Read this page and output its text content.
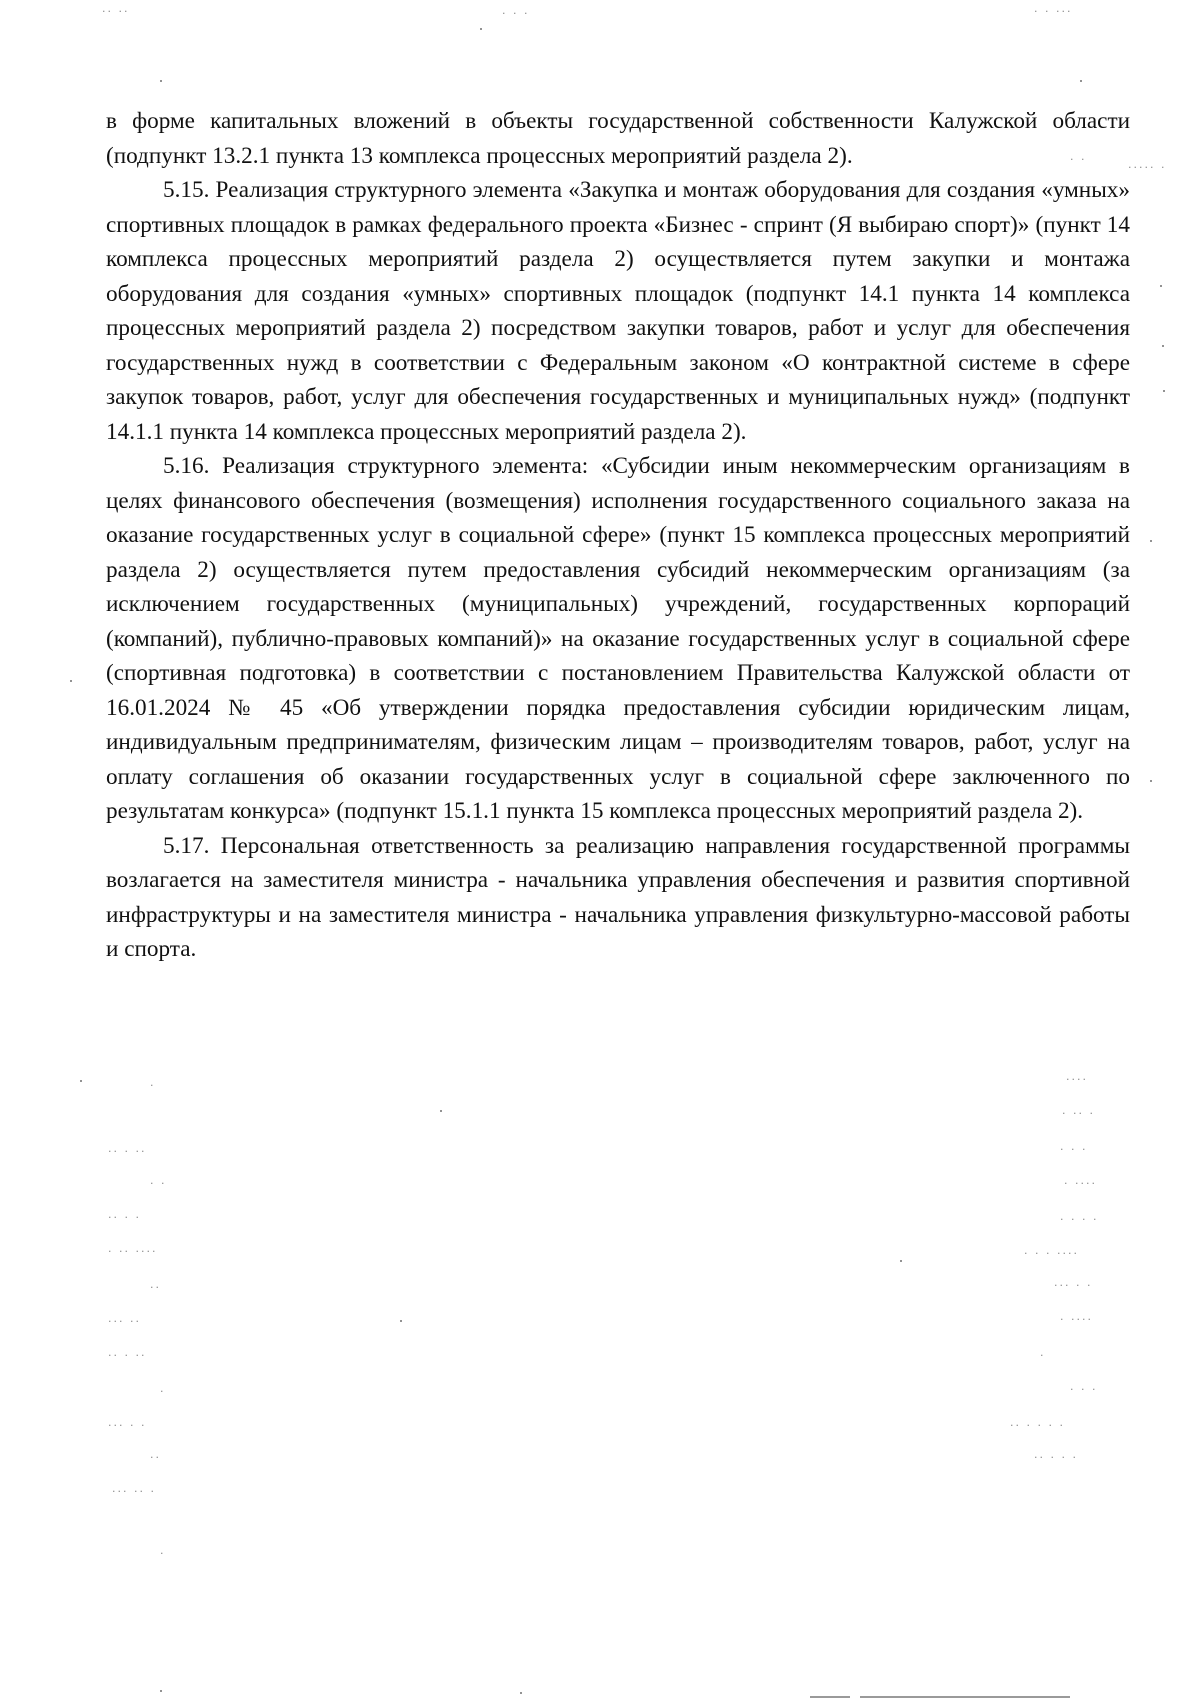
·· ··	· · ·	· · ···
· ·
····· ·

в форме капитальных вложений в объекты государственной собственности Калужской области (подпункт 13.2.1 пункта 13 комплекса процессных мероприятий раздела 2).

5.15. Реализация структурного элемента «Закупка и монтаж оборудования для создания «умных» спортивных площадок в рамках федерального проекта «Бизнес - спринт (Я выбираю спорт)» (пункт 14 комплекса процессных мероприятий раздела 2) осуществляется путем закупки и монтажа оборудования для создания «умных» спортивных площадок (подпункт 14.1 пункта 14 комплекса процессных мероприятий раздела 2) посредством закупки товаров, работ и услуг для обеспечения государственных нужд в соответствии с Федеральным законом «О контрактной системе в сфере закупок товаров, работ, услуг для обеспечения государственных и муниципальных нужд» (подпункт 14.1.1 пункта 14 комплекса процессных мероприятий раздела 2).

5.16. Реализация структурного элемента: «Субсидии иным некоммерческим организациям в целях финансового обеспечения (возмещения) исполнения государственного социального заказа на оказание государственных услуг в социальной сфере» (пункт 15 комплекса процессных мероприятий раздела 2) осуществляется путем предоставления субсидий некоммерческим организациям (за исключением государственных (муниципальных) учреждений, государственных корпораций (компаний), публично-правовых компаний)» на оказание государственных услуг в социальной сфере (спортивная подготовка) в соответствии с постановлением Правительства Калужской области от 16.01.2024 № 45 «Об утверждении порядка предоставления субсидии юридическим лицам, индивидуальным предпринимателям, физическим лицам – производителям товаров, работ, услуг на оплату соглашения об оказании государственных услуг в социальной сфере заключенного по результатам конкурса» (подпункт 15.1.1 пункта 15 комплекса процессных мероприятий раздела 2).

5.17. Персональная ответственность за реализацию направления государственной программы возлагается на заместителя министра - начальника управления обеспечения и развития спортивной инфраструктуры и на заместителя министра - начальника управления физкультурно-массовой работы и спорта.

·
·· · ··
· ·
·· · ·
· ·· ····
··
··· ··
·· · ··
·
··· · ·
··
··· ·· ·
·
····
· ·· ·
· · ·
· ····
· · · ·
· · · ····
··· · ·
· ····
·
· · ·
·· · · · ·
·· · · ·
